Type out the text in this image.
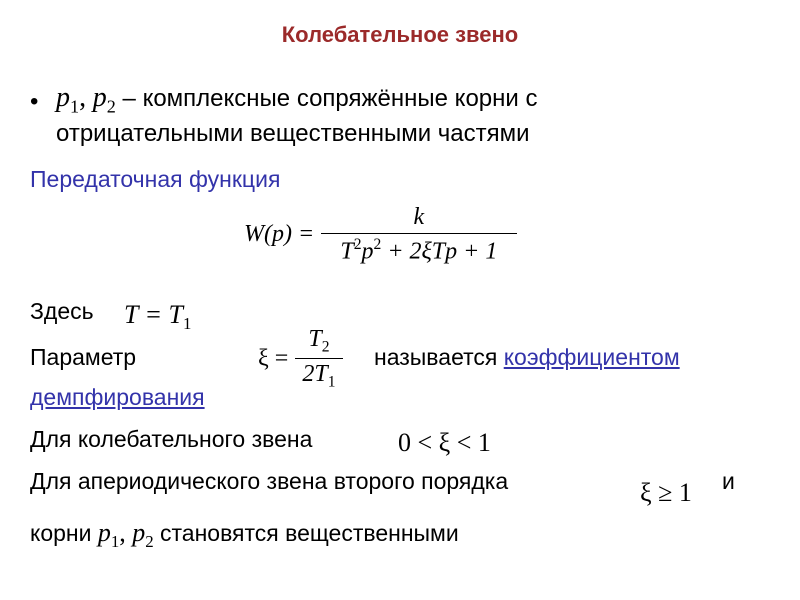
Колебательное звено
• $p_1$, $p_2$ – комплексные сопряжённые корни с
отрицательными вещественными частями
Передаточная функция
$W(p) = \frac{k}{T^2p^2 + 2\xi Tp + 1}$
Здесь $T = T_1$
Параметр	$\xi = \frac{T_2}{2T_1}$ называется коэффициентом
демпфирования
Для колебательного звена	0 < ξ < 1
Для апериодического звена второго порядка	ξ ≥ 1 и
корни $p_1$, $p_2$ становятся вещественными
